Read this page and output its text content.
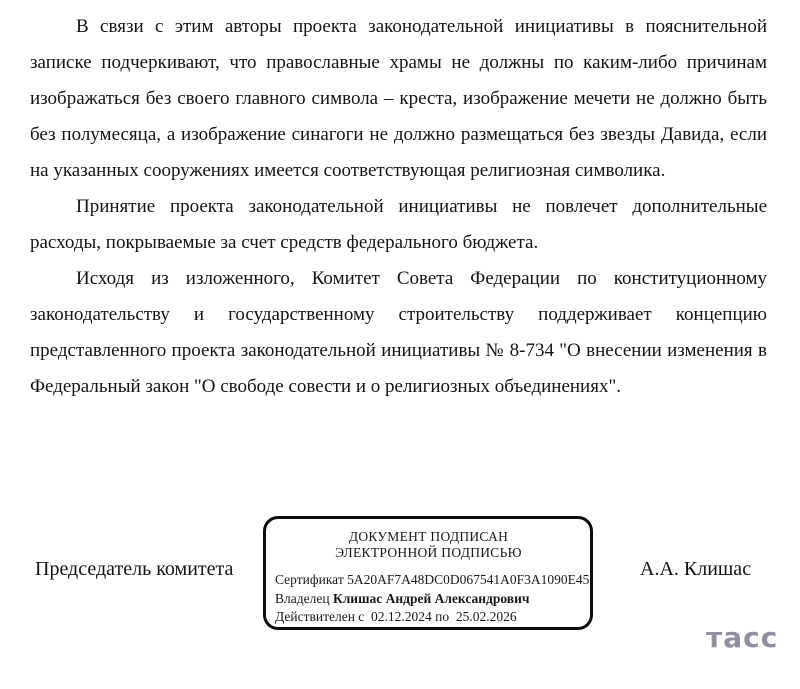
В связи с этим авторы проекта законодательной инициативы в пояснительной записке подчеркивают, что православные храмы не должны по каким-либо причинам изображаться без своего главного символа – креста, изображение мечети не должно быть без полумесяца, а изображение синагоги не должно размещаться без звезды Давида, если на указанных сооружениях имеется соответствующая религиозная символика.

Принятие проекта законодательной инициативы не повлечет дополнительные расходы, покрываемые за счет средств федерального бюджета.

Исходя из изложенного, Комитет Совета Федерации по конституционному законодательству и государственному строительству поддерживает концепцию представленного проекта законодательной инициативы № 8-734 "О внесении изменения в Федеральный закон "О свободе совести и о религиозных объединениях".

Председатель комитета
ДОКУМЕНТ ПОДПИСАН
ЭЛЕКТРОННОЙ ПОДПИСЬЮ
Сертификат 5A20AF7A48DC0D067541A0F3A1090E45
Владелец Клишас Андрей Александрович
Действителен с  02.12.2024 по  25.02.2026
А.А. Клишас
тасс
